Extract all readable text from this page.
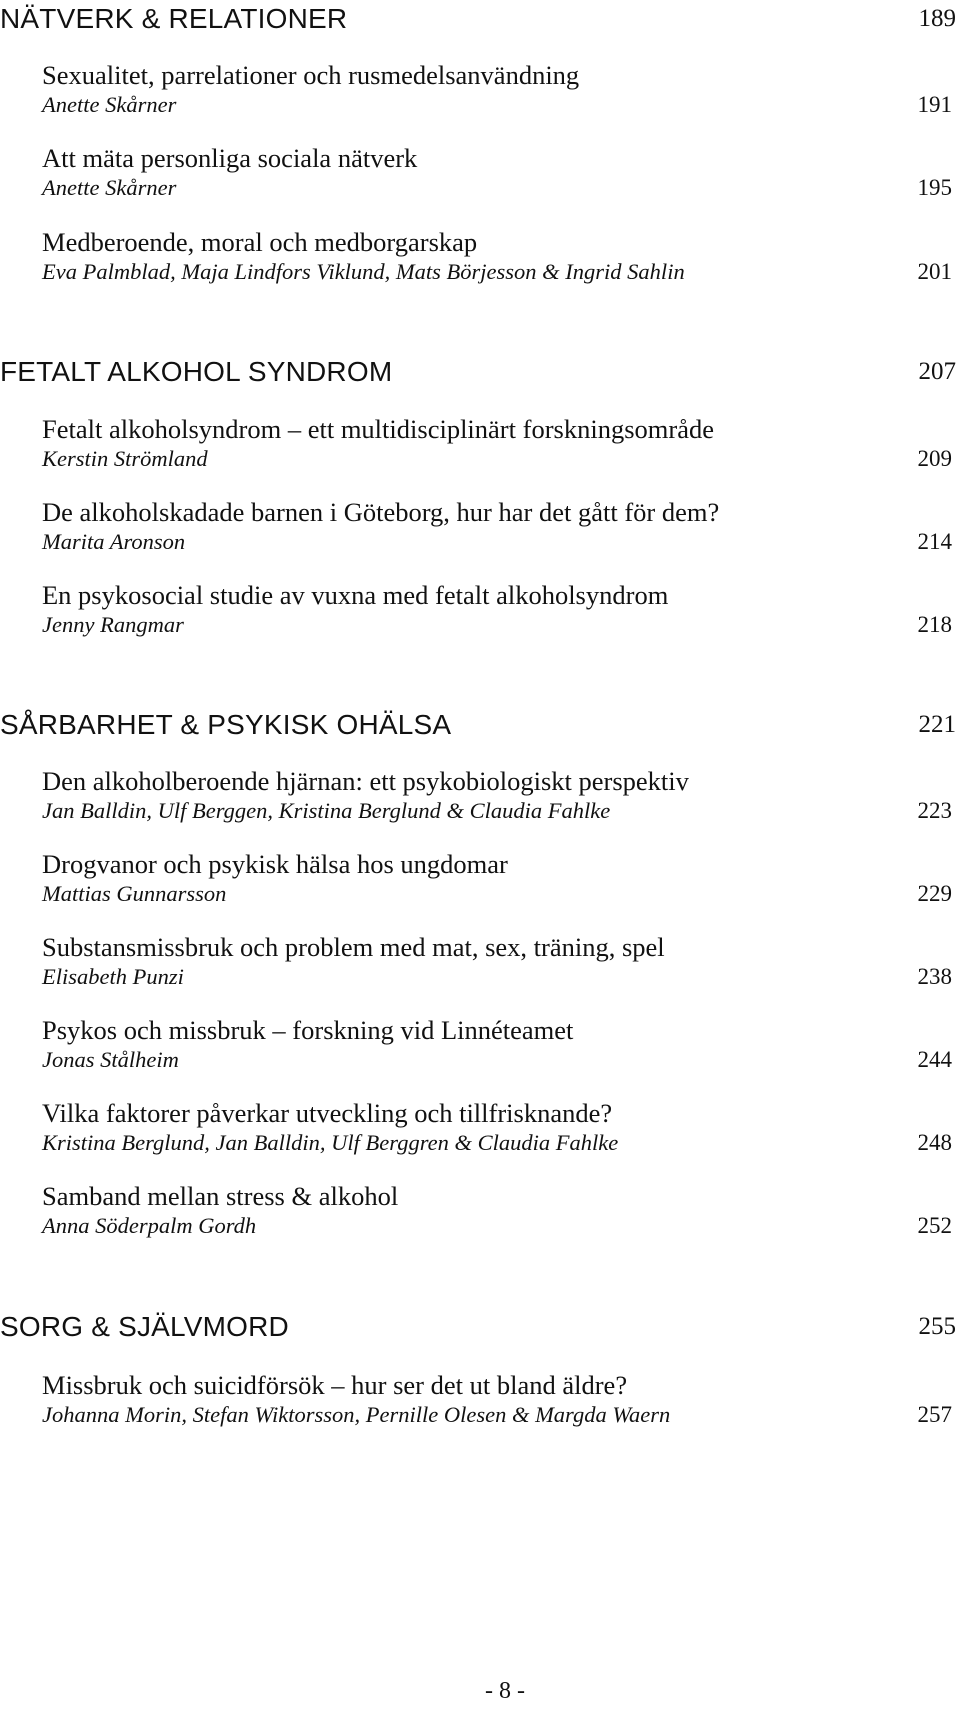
NÄTVERK & RELATIONER	189
Sexualitet, parrelationer och rusmedelsanvändning
Anette Skårner	191
Att mäta personliga sociala nätverk
Anette Skårner	195
Medberoende, moral och medborgarskap
Eva Palmblad, Maja Lindfors Viklund, Mats Börjesson & Ingrid Sahlin	201
FETALT ALKOHOL SYNDROM	207
Fetalt alkoholsyndrom – ett multidisciplinärt forskningsområde
Kerstin Strömland	209
De alkoholskadade barnen i Göteborg, hur har det gått för dem?
Marita Aronson	214
En psykosocial studie av vuxna med fetalt alkoholsyndrom
Jenny Rangmar	218
SÅRBARHET & PSYKISK OHÄLSA	221
Den alkoholberoende hjärnan: ett psykobiologiskt perspektiv
Jan Balldin, Ulf Berggen, Kristina Berglund & Claudia Fahlke	223
Drogvanor och psykisk hälsa hos ungdomar
Mattias Gunnarsson	229
Substansmissbruk och problem med mat, sex, träning, spel
Elisabeth Punzi	238
Psykos och missbruk – forskning vid Linnéteamet
Jonas Stålheim	244
Vilka faktorer påverkar utveckling och tillfrisknande?
Kristina Berglund, Jan Balldin, Ulf Berggren & Claudia Fahlke	248
Samband mellan stress & alkohol
Anna Söderpalm Gordh	252
SORG & SJÄLVMORD	255
Missbruk och suicidförsök – hur ser det ut bland äldre?
Johanna Morin, Stefan Wiktorsson, Pernille Olesen & Margda Waern	257
- 8 -
